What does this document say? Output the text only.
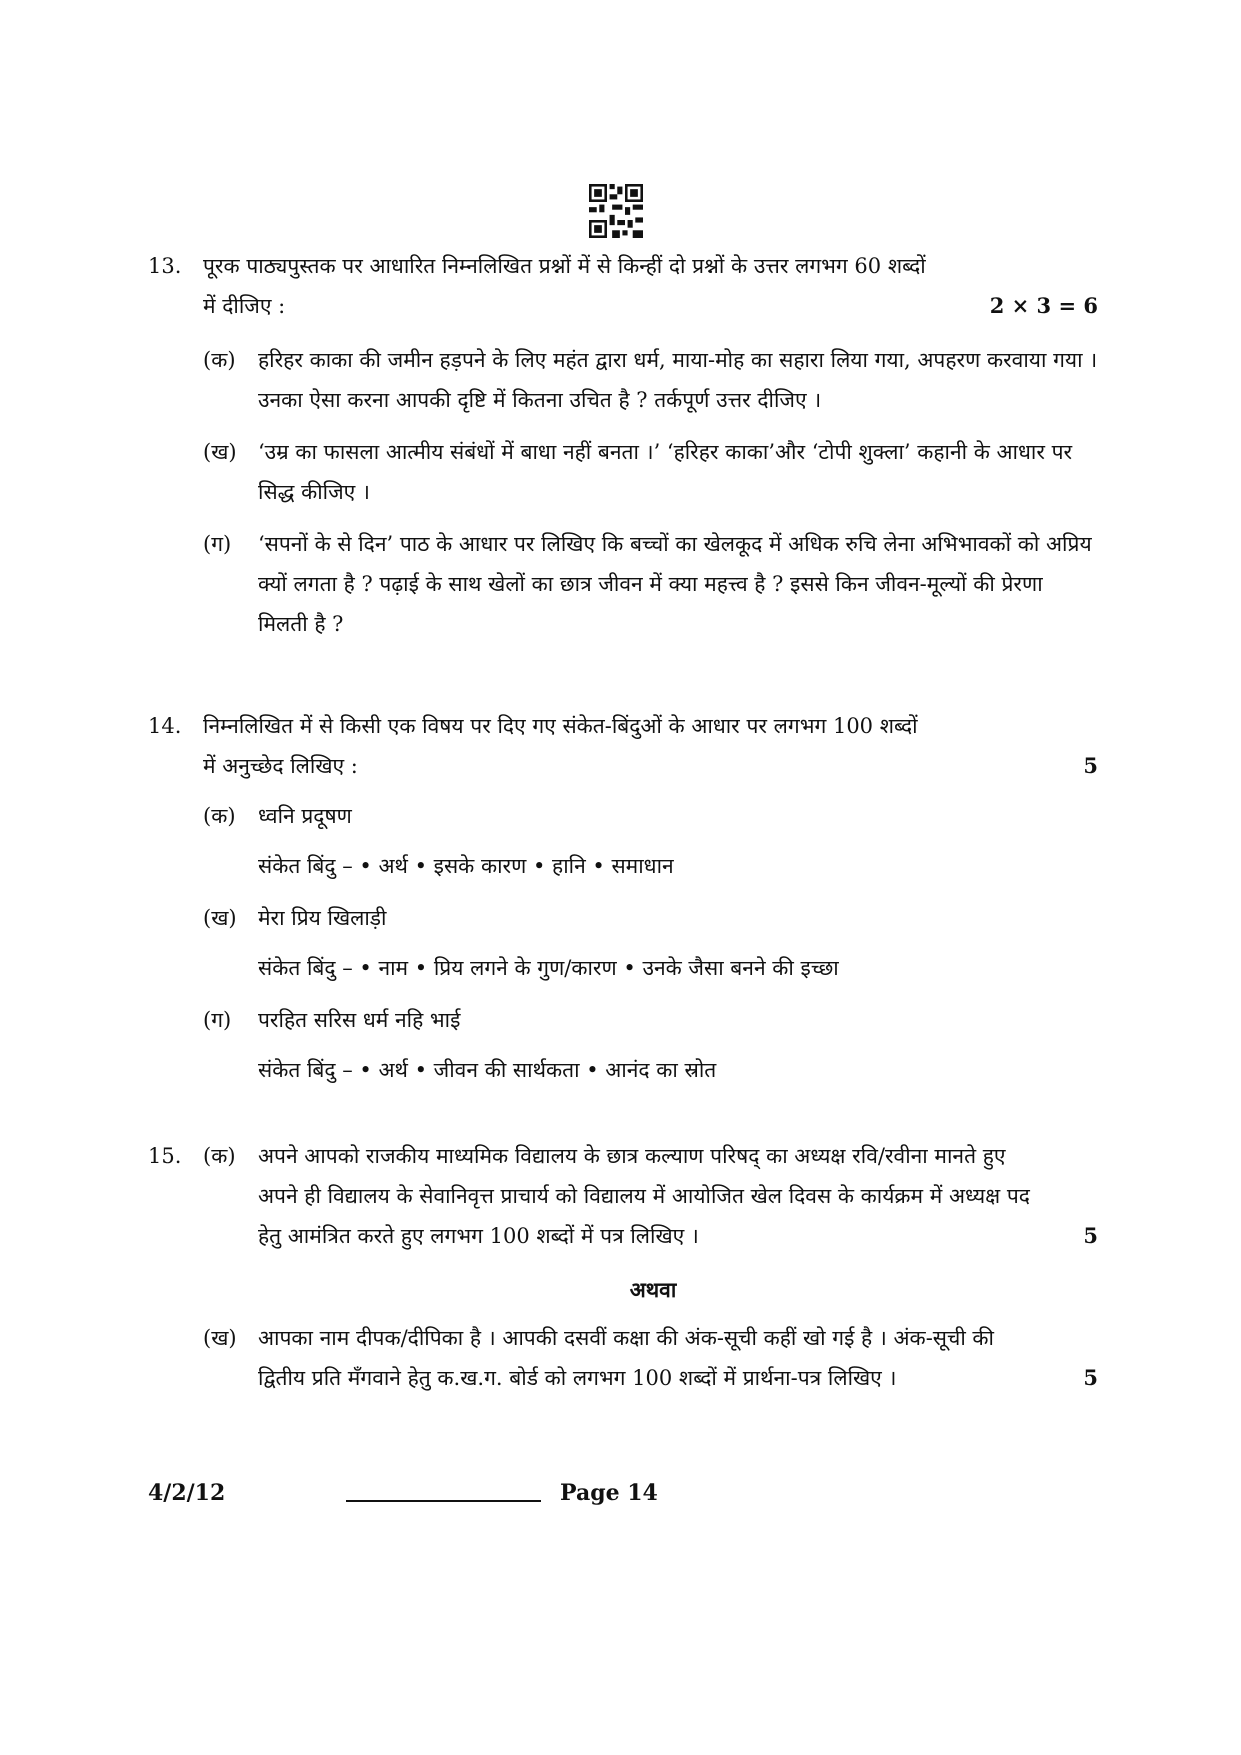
13.	पूरक पाठ्यपुस्तक पर आधारित निम्नलिखित प्रश्नों में से किन्हीं दो प्रश्नों के उत्तर लगभग 60 शब्दों
में दीजिए :	2 × 3 = 6
(क)	हरिहर काका की जमीन हड़पने के लिए महंत द्वारा धर्म, माया-मोह का सहारा लिया गया, अपहरण करवाया गया । उनका ऐसा करना आपकी दृष्टि में कितना उचित है ? तर्कपूर्ण उत्तर दीजिए ।
(ख)	‘उम्र का फासला आत्मीय संबंधों में बाधा नहीं बनता ।’ ‘हरिहर काका’और ‘टोपी शुक्ला’ कहानी के आधार पर सिद्ध कीजिए ।
(ग)	‘सपनों के से दिन’ पाठ के आधार पर लिखिए कि बच्चों का खेलकूद में अधिक रुचि लेना अभिभावकों को अप्रिय क्यों लगता है ? पढ़ाई के साथ खेलों का छात्र जीवन में क्या महत्त्व है ? इससे किन जीवन-मूल्यों की प्रेरणा मिलती है ?
14.	निम्नलिखित में से किसी एक विषय पर दिए गए संकेत-बिंदुओं के आधार पर लगभग 100 शब्दों
में अनुच्छेद लिखिए :	5
(क)	ध्वनि प्रदूषण
संकेत बिंदु – • अर्थ • इसके कारण • हानि • समाधान
(ख)	मेरा प्रिय खिलाड़ी
संकेत बिंदु – • नाम • प्रिय लगने के गुण/कारण • उनके जैसा बनने की इच्छा
(ग)	परहित सरिस धर्म नहि भाई
संकेत बिंदु – • अर्थ • जीवन की सार्थकता • आनंद का स्रोत
15.	(क)	अपने आपको राजकीय माध्यमिक विद्यालय के छात्र कल्याण परिषद् का अध्यक्ष रवि/रवीना मानते हुए अपने ही विद्यालय के सेवानिवृत्त प्राचार्य को विद्यालय में आयोजित खेल दिवस के कार्यक्रम में अध्यक्ष पद हेतु आमंत्रित करते हुए लगभग 100 शब्दों में पत्र लिखिए ।	5
अथवा
(ख)	आपका नाम दीपक/दीपिका है । आपकी दसवीं कक्षा की अंक-सूची कहीं खो गई है । अंक-सूची की द्वितीय प्रति मँगवाने हेतु क.ख.ग. बोर्ड को लगभग 100 शब्दों में प्रार्थना-पत्र लिखिए ।	5
4/2/12	Page 14
